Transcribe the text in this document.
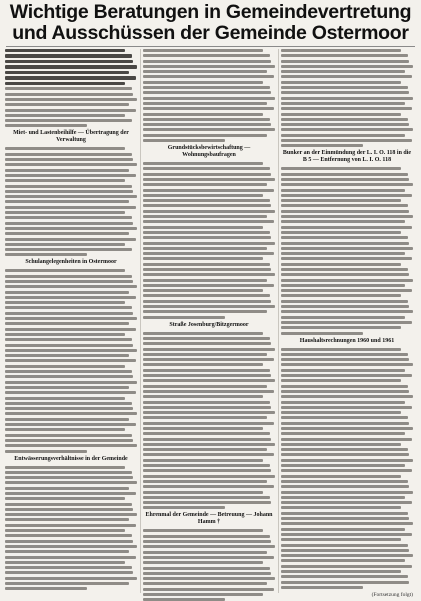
Wichtige Beratungen in Gemeindevertretung
und Ausschüssen der Gemeinde Ostermoor
Miet- und Lastenbeihilfe — Übertragung der Verwaltung
Schulangelegenheiten in Ostermoor
Entwässerungsverhältnisse in der Gemeinde
Grundstücksbewirtschaftung — Wohnungsbaufragen
Straße Josenburg/Bitzgermoor
Ehrenmal der Gemeinde — Betreuung — Johann Hamm †
Bunker an der Einmündung der L. I. O. 118 in die B 5 — Entfernung von L. I. O. 118
Haushaltsrechnungen 1960 und 1961
(Fortsetzung folgt)
